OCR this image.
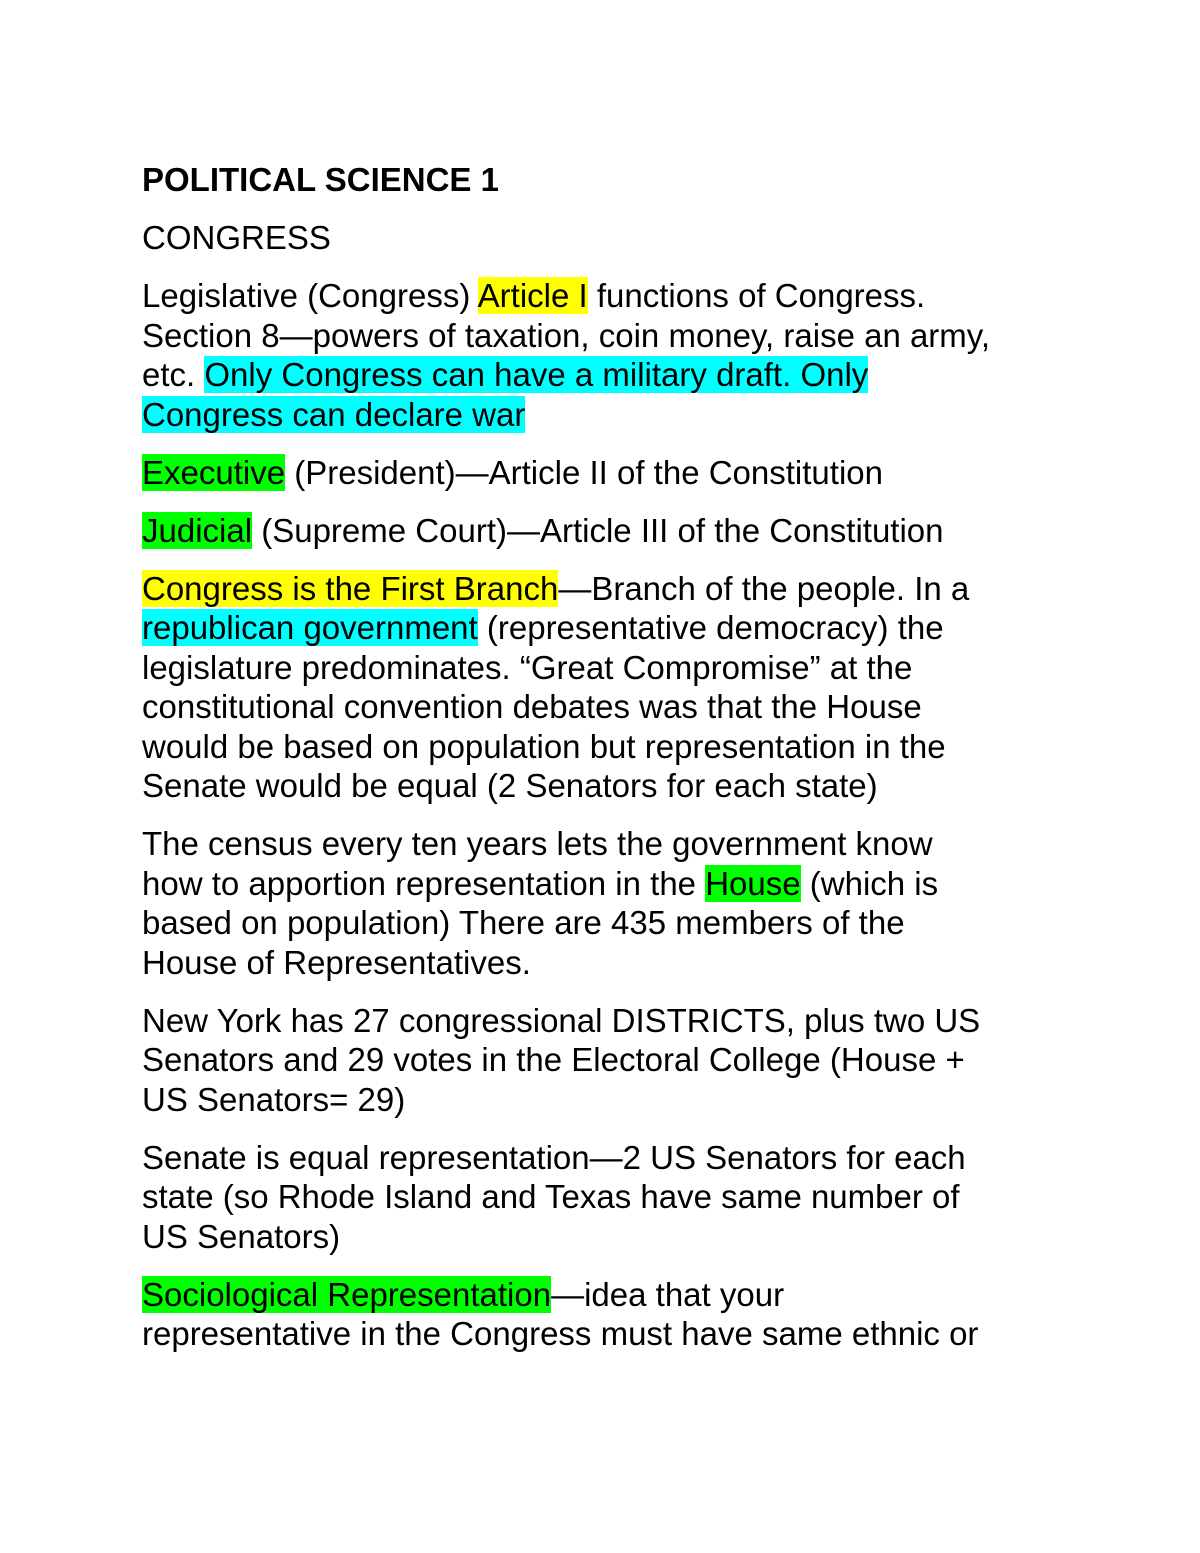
POLITICAL SCIENCE 1
CONGRESS
Legislative (Congress) Article I functions of Congress.
Section 8—powers of taxation, coin money, raise an army,
etc. Only Congress can have a military draft. Only
Congress can declare war
Executive (President)—Article II of the Constitution
Judicial (Supreme Court)—Article III of the Constitution
Congress is the First Branch—Branch of the people. In a
republican government (representative democracy) the
legislature predominates. “Great Compromise” at the
constitutional convention debates was that the House
would be based on population but representation in the
Senate would be equal (2 Senators for each state)
The census every ten years lets the government know
how to apportion representation in the House (which is
based on population) There are 435 members of the
House of Representatives.
New York has 27 congressional DISTRICTS, plus two US
Senators and 29 votes in the Electoral College (House +
US Senators= 29)
Senate is equal representation—2 US Senators for each
state (so Rhode Island and Texas have same number of
US Senators)
Sociological Representation—idea that your
representative in the Congress must have same ethnic or
